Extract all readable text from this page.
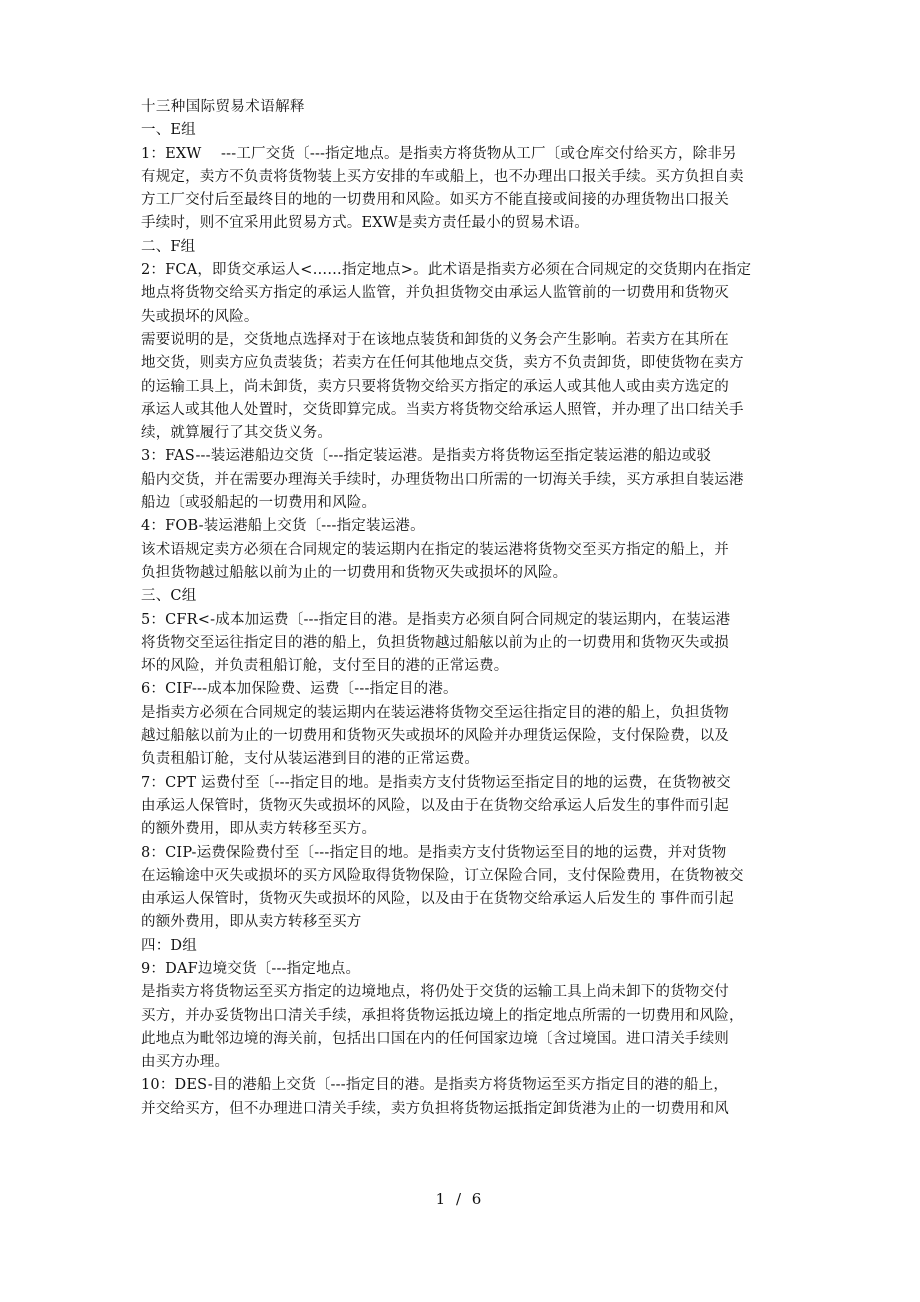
十三种国际贸易术语解释
一、E组
1：EXW　 ---工厂交货〔---指定地点。是指卖方将货物从工厂〔或仓库交付给买方，除非另
有规定，卖方不负责将货物装上买方安排的车或船上，也不办理出口报关手续。买方负担自卖
方工厂交付后至最终目的地的一切费用和风险。如买方不能直接或间接的办理货物出口报关
手续时，则不宜采用此贸易方式。EXW是卖方责任最小的贸易术语。
二、F组
2：FCA，即货交承运人<……指定地点>。此术语是指卖方必须在合同规定的交货期内在指定
地点将货物交给买方指定的承运人监管，并负担货物交由承运人监管前的一切费用和货物灭
失或损坏的风险。
需要说明的是，交货地点选择对于在该地点装货和卸货的义务会产生影响。若卖方在其所在
地交货，则卖方应负责装货；若卖方在任何其他地点交货，卖方不负责卸货，即使货物在卖方
的运输工具上，尚未卸货，卖方只要将货物交给买方指定的承运人或其他人或由卖方选定的
承运人或其他人处置时，交货即算完成。当卖方将货物交给承运人照管，并办理了出口结关手
续，就算履行了其交货义务。
3：FAS---装运港船边交货〔---指定装运港。是指卖方将货物运至指定装运港的船边或驳
船内交货，并在需要办理海关手续时，办理货物出口所需的一切海关手续，买方承担自装运港
船边〔或驳船起的一切费用和风险。
4：FOB-装运港船上交货〔---指定装运港。
该术语规定卖方必须在合同规定的装运期内在指定的装运港将货物交至买方指定的船上，并
负担货物越过船舷以前为止的一切费用和货物灭失或损坏的风险。
三、C组
5：CFR<-成本加运费〔---指定目的港。是指卖方必须自阿合同规定的装运期内，在装运港
将货物交至运往指定目的港的船上，负担货物越过船舷以前为止的一切费用和货物灭失或损
坏的风险，并负责租船订舱，支付至目的港的正常运费。
6：CIF---成本加保险费、运费〔---指定目的港。
是指卖方必须在合同规定的装运期内在装运港将货物交至运往指定目的港的船上，负担货物
越过船舷以前为止的一切费用和货物灭失或损坏的风险并办理货运保险，支付保险费，以及
负责租船订舱，支付从装运港到目的港的正常运费。
7：CPT 运费付至〔---指定目的地。是指卖方支付货物运至指定目的地的运费，在货物被交
由承运人保管时，货物灭失或损坏的风险，以及由于在货物交给承运人后发生的事件而引起
的额外费用，即从卖方转移至买方。
8：CIP-运费保险费付至〔---指定目的地。是指卖方支付货物运至目的地的运费，并对货物
在运输途中灭失或损坏的买方风险取得货物保险，订立保险合同，支付保险费用，在货物被交
由承运人保管时，货物灭失或损坏的风险，以及由于在货物交给承运人后发生的 事件而引起
的额外费用，即从卖方转移至买方
四：D组
9：DAF边境交货〔---指定地点。
是指卖方将货物运至买方指定的边境地点，将仍处于交货的运输工具上尚未卸下的货物交付
买方，并办妥货物出口清关手续，承担将货物运抵边境上的指定地点所需的一切费用和风险，
此地点为毗邻边境的海关前，包括出口国在内的任何国家边境〔含过境国。进口清关手续则
由买方办理。
10：DES-目的港船上交货〔---指定目的港。是指卖方将货物运至买方指定目的港的船上，
并交给买方，但不办理进口清关手续，卖方负担将货物运抵指定卸货港为止的一切费用和风
1 / 6
